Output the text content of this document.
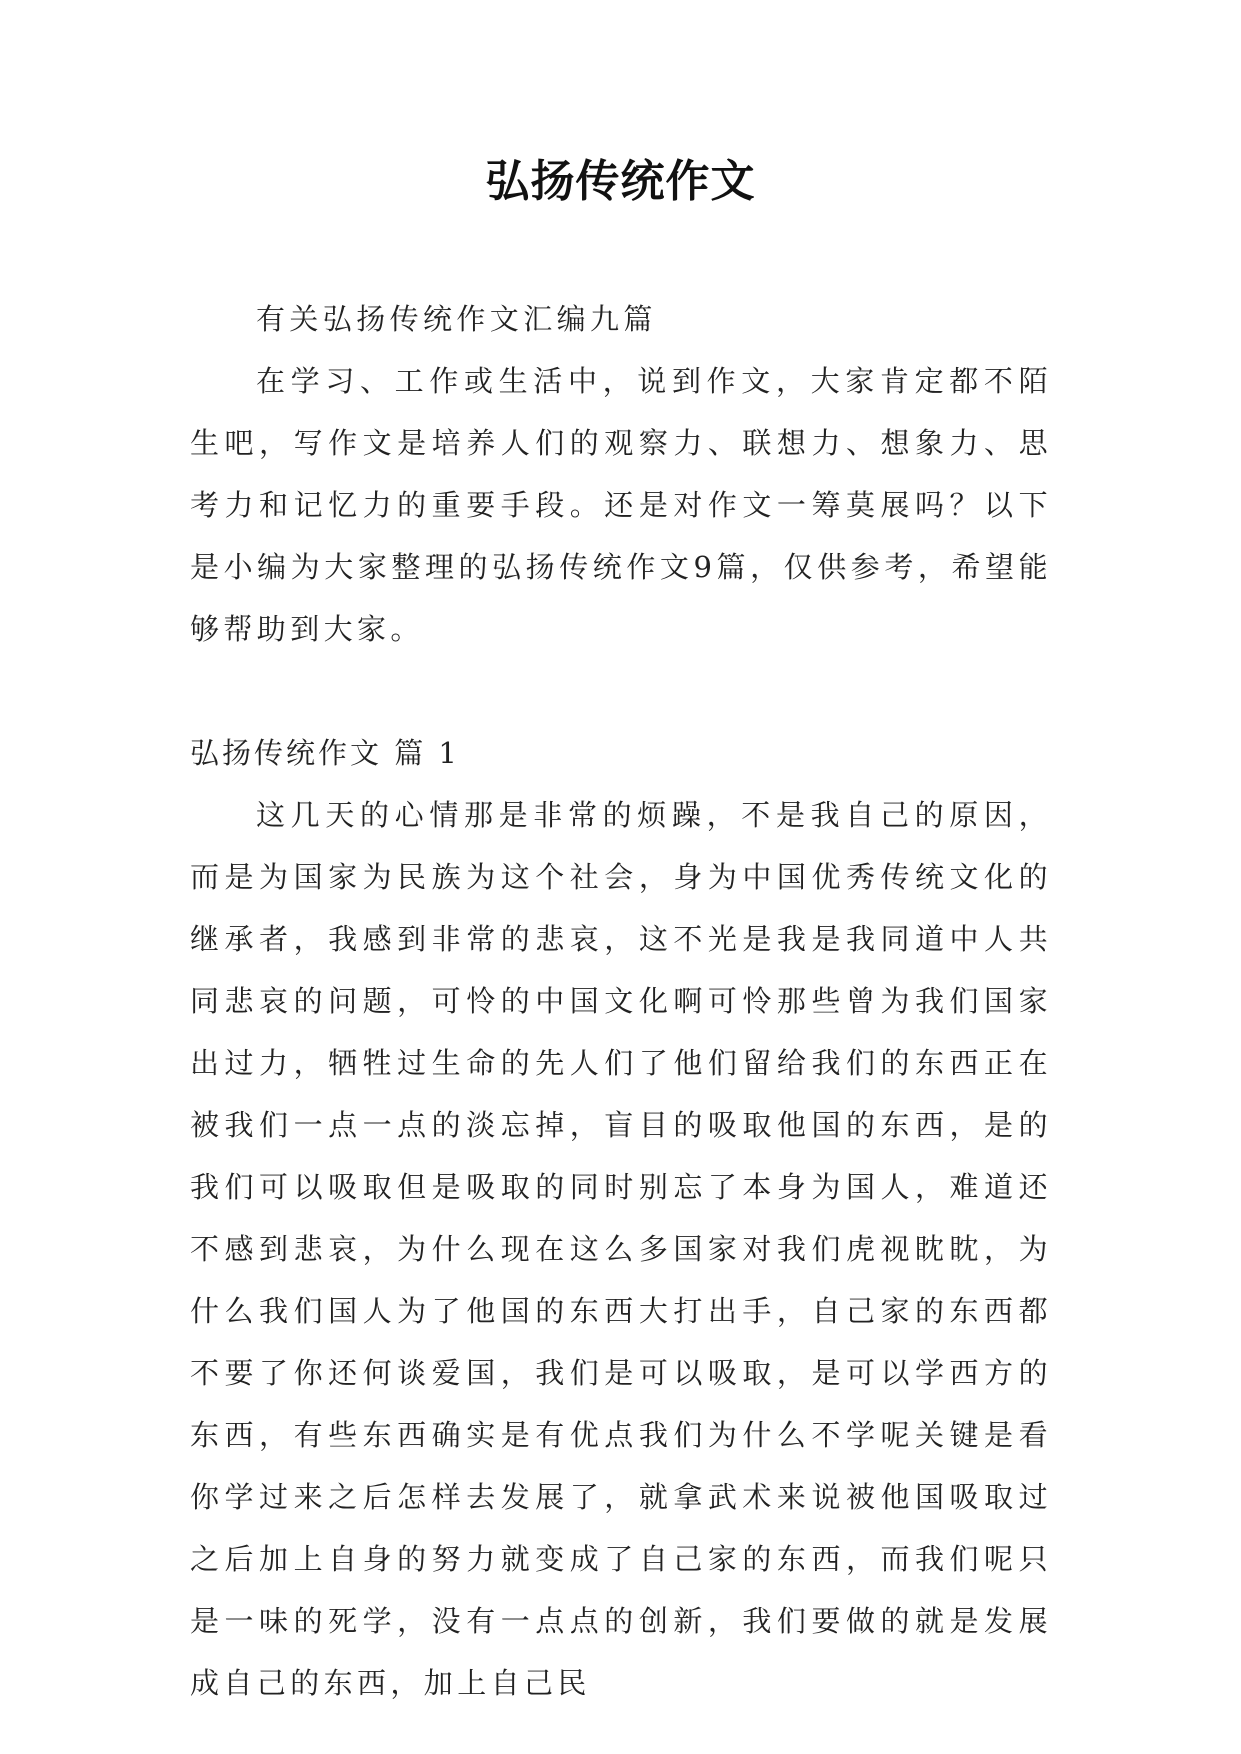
弘扬传统作文

有关弘扬传统作文汇编九篇

在学习、工作或生活中，说到作文，大家肯定都不陌生吧，写作文是培养人们的观察力、联想力、想象力、思考力和记忆力的重要手段。还是对作文一筹莫展吗？以下是小编为大家整理的弘扬传统作文9篇，仅供参考，希望能够帮助到大家。

弘扬传统作文 篇 1

这几天的心情那是非常的烦躁，不是我自己的原因，而是为国家为民族为这个社会，身为中国优秀传统文化的继承者，我感到非常的悲哀，这不光是我是我同道中人共同悲哀的问题，可怜的中国文化啊可怜那些曾为我们国家出过力，牺牲过生命的先人们了他们留给我们的东西正在被我们一点一点的淡忘掉，盲目的吸取他国的东西，是的我们可以吸取但是吸取的同时别忘了本身为国人，难道还不感到悲哀，为什么现在这么多国家对我们虎视眈眈，为什么我们国人为了他国的东西大打出手，自己家的东西都不要了你还何谈爱国，我们是可以吸取，是可以学西方的东西，有些东西确实是有优点我们为什么不学呢关键是看你学过来之后怎样去发展了，就拿武术来说被他国吸取过之后加上自身的努力就变成了自己家的东西，而我们呢只是一味的死学，没有一点点的创新，我们要做的就是发展成自己的东西，加上自己民
